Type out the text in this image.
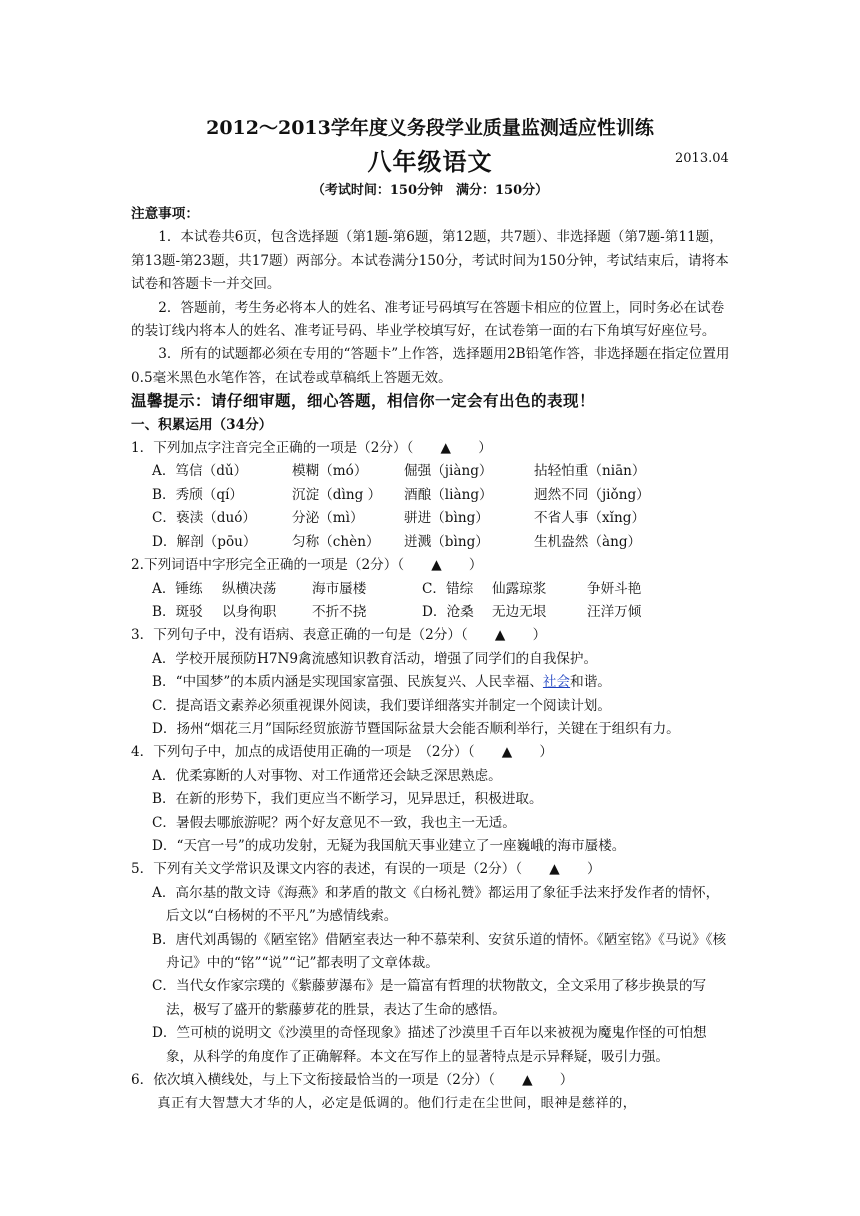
2012～2013学年度义务段学业质量监测适应性训练
八年级语文	2013.04
（考试时间：150分钟　满分：150分）

注意事项：

1．本试卷共6页，包含选择题（第1题-第6题，第12题，共7题）、非选择题（第7题-第11题，第13题-第23题，共17题）两部分。本试卷满分150分，考试时间为150分钟，考试结束后，请将本试卷和答题卡一并交回。

2．答题前，考生务必将本人的姓名、准考证号码填写在答题卡相应的位置上，同时务必在试卷的装订线内将本人的姓名、准考证号码、毕业学校填写好，在试卷第一面的右下角填写好座位号。

3．所有的试题都必须在专用的“答题卡”上作答，选择题用2B铅笔作答，非选择题在指定位置用0.5毫米黑色水笔作答，在试卷或草稿纸上答题无效。

温馨提示：请仔细审题，细心答题，相信你一定会有出色的表现！

一、积累运用（34分）

1．下列加点字注音完全正确的一项是（2分）（　　▲　　）

A．笃信（dǔ）	模糊（mó）	倔强（jiàng）	拈轻怕重（niān）
B．秀颀（qí）	沉淀（dìng ）	酒酿（liàng）	迥然不同（jiǒng）
C．亵渎（duó）	分泌（mì）	骈进（bìng）	不省人事（xǐng）
D．解剖（pōu）	匀称（chèn）	迸溅（bìng）	生机盎然（àng）

2.下列词语中字形完全正确的一项是（2分）（　　▲　　）

A．锤练	纵横决荡	海市蜃楼	C．错综	仙露琼浆	争妍斗艳
B．斑驳	以身徇职	不折不挠	D．沧桑	无边无垠	汪洋万倾

3．下列句子中，没有语病、表意正确的一句是（2分）（　　▲　　）

A．学校开展预防H7N9禽流感知识教育活动，增强了同学们的自我保护。

B．“中国梦”的本质内涵是实现国家富强、民族复兴、人民幸福、社会和谐。

C．提高语文素养必须重视课外阅读，我们要详细落实并制定一个阅读计划。

D．扬州“烟花三月”国际经贸旅游节暨国际盆景大会能否顺利举行，关键在于组织有力。

4．下列句子中，加点的成语使用正确的一项是　（2分）（　　▲　　）

A．优柔寡断的人对事物、对工作通常还会缺乏深思熟虑。

B．在新的形势下，我们更应当不断学习，见异思迁，积极进取。

C．暑假去哪旅游呢？两个好友意见不一致，我也主一无适。

D．“天宫一号”的成功发射，无疑为我国航天事业建立了一座巍峨的海市蜃楼。

5．下列有关文学常识及课文内容的表述，有误的一项是（2分）（　　▲　　）

A．高尔基的散文诗《海燕》和茅盾的散文《白杨礼赞》都运用了象征手法来抒发作者的情怀，后文以“白杨树的不平凡”为感情线索。

B．唐代刘禹锡的《陋室铭》借陋室表达一种不慕荣利、安贫乐道的情怀。《陋室铭》《马说》《核舟记》中的“铭”“说”“记”都表明了文章体裁。

C．当代女作家宗璞的《紫藤萝瀑布》是一篇富有哲理的状物散文，全文采用了移步换景的写法，极写了盛开的紫藤萝花的胜景，表达了生命的感悟。

D．竺可桢的说明文《沙漠里的奇怪现象》描述了沙漠里千百年以来被视为魔鬼作怪的可怕想象，从科学的角度作了正确解释。本文在写作上的显著特点是示异释疑，吸引力强。

6．依次填入横线处，与上下文衔接最恰当的一项是（2分）（　　▲　　）

真正有大智慧大才华的人，必定是低调的。他们行走在尘世间，眼神是慈祥的，
